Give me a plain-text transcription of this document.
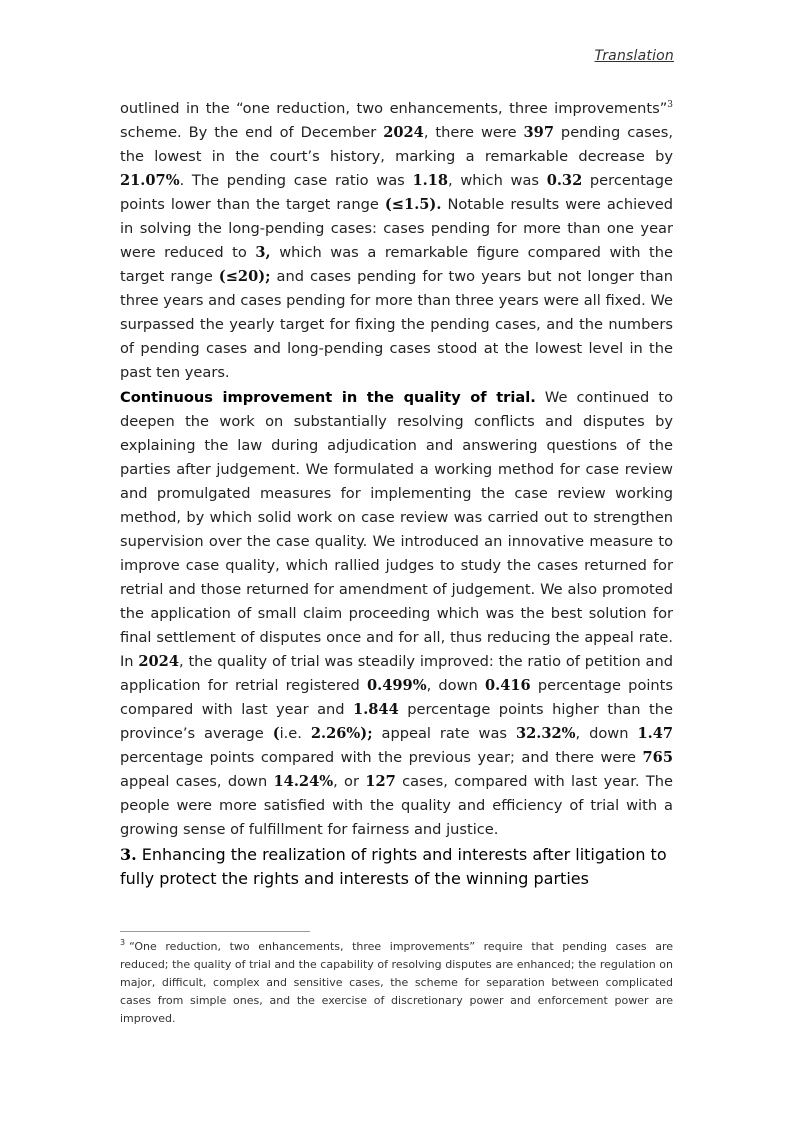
Translation
outlined in the “one reduction, two enhancements, three improvements”$^3$ scheme. By the end of December 2024, there were 397 pending cases, the lowest in the court’s history, marking a remarkable decrease by 21.07%. The pending case ratio was 1.18, which was 0.32 percentage points lower than the target range (≤1.5). Notable results were achieved in solving the long-pending cases: cases pending for more than one year were reduced to 3, which was a remarkable figure compared with the target range (≤20); and cases pending for two years but not longer than three years and cases pending for more than three years were all fixed. We surpassed the yearly target for fixing the pending cases, and the numbers of pending cases and long-pending cases stood at the lowest level in the past ten years.
Continuous improvement in the quality of trial. We continued to deepen the work on substantially resolving conflicts and disputes by explaining the law during adjudication and answering questions of the parties after judgement. We formulated a working method for case review and promulgated measures for implementing the case review working method, by which solid work on case review was carried out to strengthen supervision over the case quality. We introduced an innovative measure to improve case quality, which rallied judges to study the cases returned for retrial and those returned for amendment of judgement. We also promoted the application of small claim proceeding which was the best solution for final settlement of disputes once and for all, thus reducing the appeal rate. In 2024, the quality of trial was steadily improved: the ratio of petition and application for retrial registered 0.499%, down 0.416 percentage points compared with last year and 1.844 percentage points higher than the province’s average (i.e. 2.26%); appeal rate was 32.32%, down 1.47 percentage points compared with the previous year; and there were 765 appeal cases, down 14.24%, or 127 cases, compared with last year. The people were more satisfied with the quality and efficiency of trial with a growing sense of fulfillment for fairness and justice.
3. Enhancing the realization of rights and interests after litigation to fully protect the rights and interests of the winning parties
$^3$ “One reduction, two enhancements, three improvements” require that pending cases are reduced; the quality of trial and the capability of resolving disputes are enhanced; the regulation on major, difficult, complex and sensitive cases, the scheme for separation between complicated cases from simple ones, and the exercise of discretionary power and enforcement power are improved.
